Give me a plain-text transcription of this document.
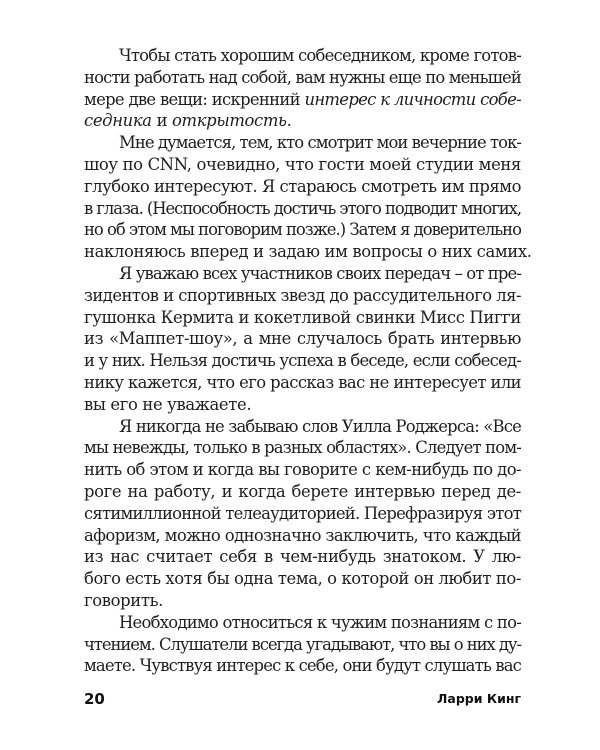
Чтобы стать хорошим собеседником, кроме готов-
ности работать над собой, вам нужны еще по меньшей
мере две вещи: искренний интерес к личности собе-
седника и открытость.
Мне думается, тем, кто смотрит мои вечерние ток-
шоу по CNN, очевидно, что гости моей студии меня
глубоко интересуют. Я стараюсь смотреть им прямо
в глаза. (Неспособность достичь этого подводит многих,
но об этом мы поговорим позже.) Затем я доверительно
наклоняюсь вперед и задаю им вопросы о них самих.
Я уважаю всех участников своих передач – от пре-
зидентов и спортивных звезд до рассудительного ля-
гушонка Кермита и кокетливой свинки Мисс Пигги
из «Маппет-шоу», а мне случалось брать интервью
и у них. Нельзя достичь успеха в беседе, если собесед-
нику кажется, что его рассказ вас не интересует или
вы его не уважаете.
Я никогда не забываю слов Уилла Роджерса: «Все
мы невежды, только в разных областях». Следует пом-
нить об этом и когда вы говорите с кем-нибудь по до-
роге на работу, и когда берете интервью перед де-
сятимиллионной телеаудиторией. Перефразируя этот
афоризм, можно однозначно заключить, что каждый
из нас считает себя в чем-нибудь знатоком. У лю-
бого есть хотя бы одна тема, о которой он любит по-
говорить.
Необходимо относиться к чужим познаниям с по-
чтением. Слушатели всегда угадывают, что вы о них ду-
маете. Чувствуя интерес к себе, они будут слушать вас
20	Ларри Кинг
